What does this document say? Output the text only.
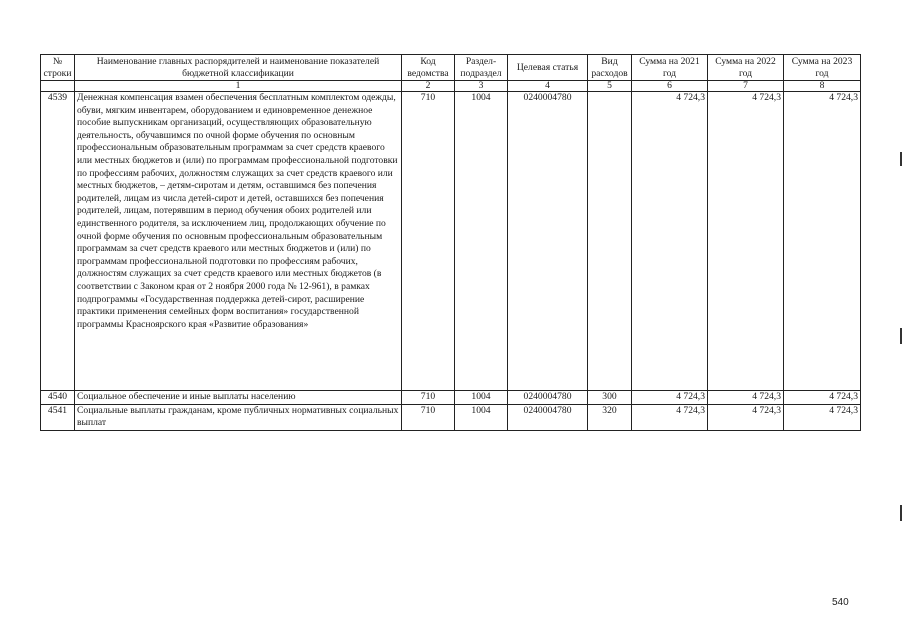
№ строки	Наименование главных распорядителей и наименование показателей бюджетной классификации	Код ведомства	Раздел-подраздел	Целевая статья	Вид расходов	Сумма на 2021 год	Сумма на 2022 год	Сумма на 2023 год
	1	2	3	4	5	6	7	8
4539	Денежная компенсация взамен обеспечения бесплатным комплектом одежды, обуви, мягким инвентарем, оборудованием и единовременное денежное пособие выпускникам организаций, осуществляющих образовательную деятельность, обучавшимся по очной форме обучения по основным профессиональным образовательным программам за счет средств краевого или местных бюджетов и (или) по программам профессиональной подготовки по профессиям рабочих, должностям служащих за счет средств краевого или местных бюджетов, – детям-сиротам и детям, оставшимся без попечения родителей, лицам из числа детей-сирот и детей, оставшихся без попечения родителей, лицам, потерявшим в период обучения обоих родителей или единственного родителя, за исключением лиц, продолжающих обучение по очной форме обучения по основным профессиональным образовательным программам за счет средств краевого или местных бюджетов и (или) по программам профессиональной подготовки по профессиям рабочих, должностям служащих за счет средств краевого или местных бюджетов (в соответствии с Законом края от 2 ноября 2000 года № 12-961), в рамках подпрограммы «Государственная поддержка детей-сирот, расширение практики применения семейных форм воспитания» государственной программы Красноярского края «Развитие образования»	710	1004	0240004780		4 724,3	4 724,3	4 724,3
4540	Социальное обеспечение и иные выплаты населению	710	1004	0240004780	300	4 724,3	4 724,3	4 724,3
4541	Социальные выплаты гражданам, кроме публичных нормативных социальных выплат	710	1004	0240004780	320	4 724,3	4 724,3	4 724,3
540
